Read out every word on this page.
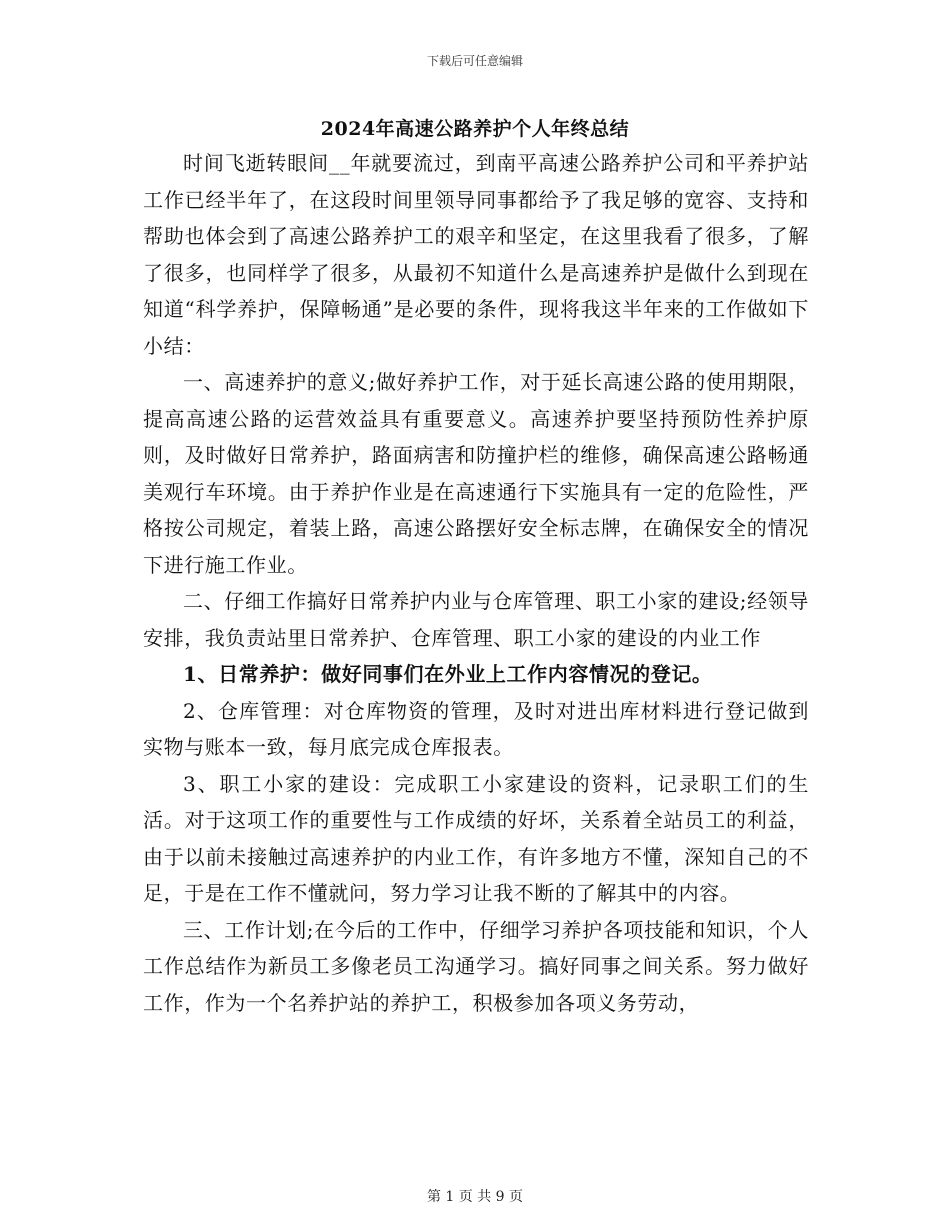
下载后可任意编辑
2024年高速公路养护个人年终总结

时间飞逝转眼间__年就要流过，到南平高速公路养护公司和平养护站工作已经半年了，在这段时间里领导同事都给予了我足够的宽容、支持和帮助也体会到了高速公路养护工的艰辛和坚定，在这里我看了很多，了解了很多，也同样学了很多，从最初不知道什么是高速养护是做什么到现在知道“科学养护，保障畅通”是必要的条件，现将我这半年来的工作做如下小结：

一、高速养护的意义;做好养护工作，对于延长高速公路的使用期限，提高高速公路的运营效益具有重要意义。高速养护要坚持预防性养护原则，及时做好日常养护，路面病害和防撞护栏的维修，确保高速公路畅通美观行车环境。由于养护作业是在高速通行下实施具有一定的危险性，严格按公司规定，着装上路，高速公路摆好安全标志牌，在确保安全的情况下进行施工作业。

二、仔细工作搞好日常养护内业与仓库管理、职工小家的建设;经领导安排，我负责站里日常养护、仓库管理、职工小家的建设的内业工作

1、日常养护：做好同事们在外业上工作内容情况的登记。

2、仓库管理：对仓库物资的管理，及时对进出库材料进行登记做到实物与账本一致，每月底完成仓库报表。

3、职工小家的建设：完成职工小家建设的资料，记录职工们的生活。对于这项工作的重要性与工作成绩的好坏，关系着全站员工的利益，由于以前未接触过高速养护的内业工作，有许多地方不懂，深知自己的不足，于是在工作不懂就问，努力学习让我不断的了解其中的内容。

三、工作计划;在今后的工作中，仔细学习养护各项技能和知识，个人工作总结作为新员工多像老员工沟通学习。搞好同事之间关系。努力做好工作，作为一个名养护站的养护工，积极参加各项义务劳动，

第 1 页 共 9 页
